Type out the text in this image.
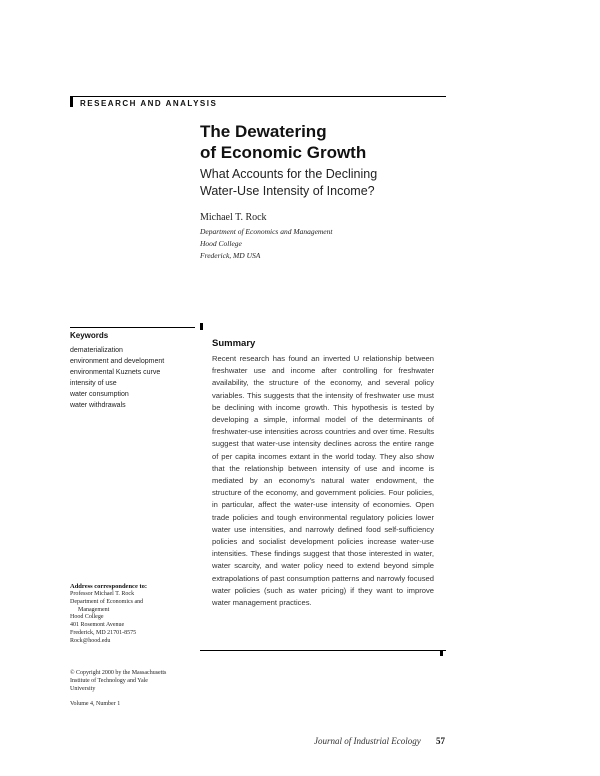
RESEARCH AND ANALYSIS
The Dewatering
of Economic Growth
What Accounts for the Declining
Water-Use Intensity of Income?
Michael T. Rock
Department of Economics and Management
Hood College
Frederick, MD USA
Keywords
dematerialization
environment and development
environmental Kuznets curve
intensity of use
water consumption
water withdrawals
Summary
Recent research has found an inverted U relationship between freshwater use and income after controlling for freshwater availability, the structure of the economy, and several policy variables. This suggests that the intensity of freshwater use must be declining with income growth. This hypothesis is tested by developing a simple, informal model of the determinants of freshwater-use intensities across countries and over time. Results suggest that water-use intensity declines across the entire range of per capita incomes extant in the world today. They also show that the relationship between intensity of use and income is mediated by an economy's natural water endowment, the structure of the economy, and government policies. Four policies, in particular, affect the water-use intensity of economies. Open trade policies and tough environmental regulatory policies lower water use intensities, and narrowly defined food self-sufficiency policies and socialist development policies increase water-use intensities. These findings suggest that those interested in water, water scarcity, and water policy need to extend beyond simple extrapolations of past consumption patterns and narrowly focused water policies (such as water pricing) if they want to improve water management practices.
Address correspondence to:
Professor Michael T. Rock
Department of Economics and
Management
Hood College
401 Rosemont Avenue
Frederick, MD 21701-8575
Rock@hood.edu
© Copyright 2000 by the Massachusetts
Institute of Technology and Yale
University
Volume 4, Number 1
Journal of Industrial Ecology 57
